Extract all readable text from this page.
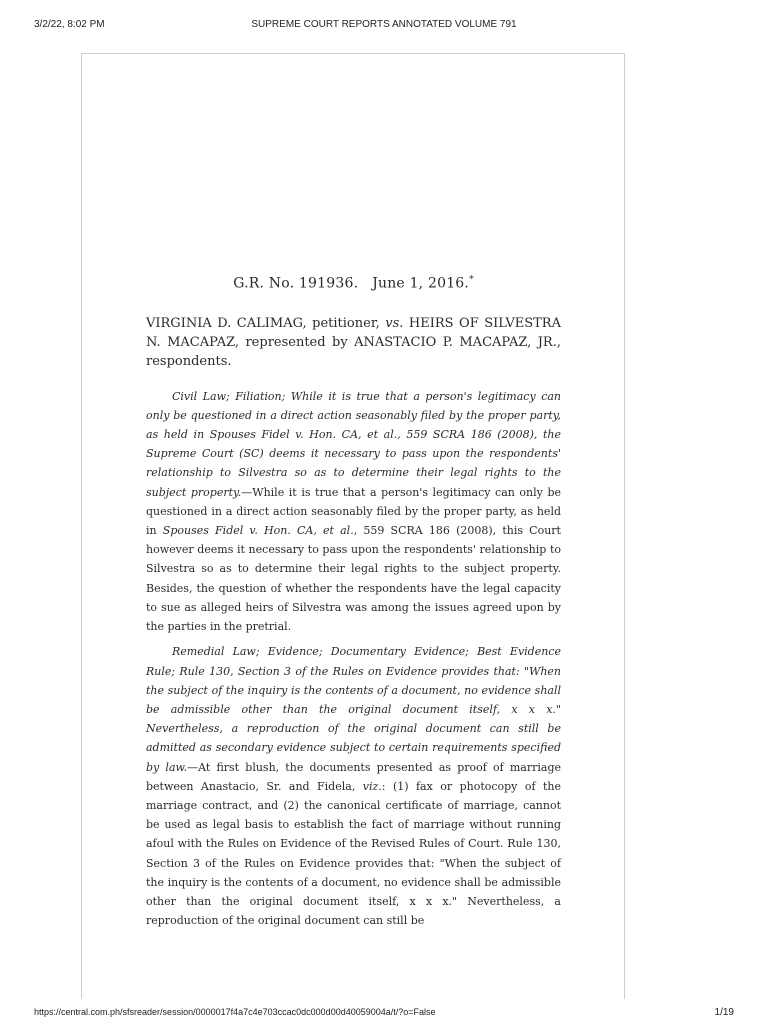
3/2/22, 8:02 PM	SUPREME COURT REPORTS ANNOTATED VOLUME 791
G.R. No. 191936. June 1, 2016.*
VIRGINIA D. CALIMAG, petitioner, vs. HEIRS OF SILVESTRA N. MACAPAZ, represented by ANASTACIO P. MACAPAZ, JR., respondents.

Civil Law; Filiation; While it is true that a person's legitimacy can only be questioned in a direct action seasonably filed by the proper party, as held in Spouses Fidel v. Hon. CA, et al., 559 SCRA 186 (2008), the Supreme Court (SC) deems it necessary to pass upon the respondents' relationship to Silvestra so as to determine their legal rights to the subject property.—While it is true that a person's legitimacy can only be questioned in a direct action seasonably filed by the proper party, as held in Spouses Fidel v. Hon. CA, et al., 559 SCRA 186 (2008), this Court however deems it necessary to pass upon the respondents' relationship to Silvestra so as to determine their legal rights to the subject property. Besides, the question of whether the respondents have the legal capacity to sue as alleged heirs of Silvestra was among the issues agreed upon by the parties in the pretrial.

Remedial Law; Evidence; Documentary Evidence; Best Evidence Rule; Rule 130, Section 3 of the Rules on Evidence provides that: "When the subject of the inquiry is the contents of a document, no evidence shall be admissible other than the original document itself, x x x." Nevertheless, a reproduction of the original document can still be admitted as secondary evidence subject to certain requirements specified by law.—At first blush, the documents presented as proof of marriage between Anastacio, Sr. and Fidela, viz.: (1) fax or photocopy of the marriage contract, and (2) the canonical certificate of marriage, cannot be used as legal basis to establish the fact of marriage without running afoul with the Rules on Evidence of the Revised Rules of Court. Rule 130, Section 3 of the Rules on Evidence provides that: "When the subject of the inquiry is the contents of a document, no evidence shall be admissible other than the original document itself, x x x." Nevertheless, a reproduction of the original document can still be

https://central.com.ph/sfsreader/session/0000017f4a7c4e703ccac0dc000d00d40059004a/t/?o=False	1/19
